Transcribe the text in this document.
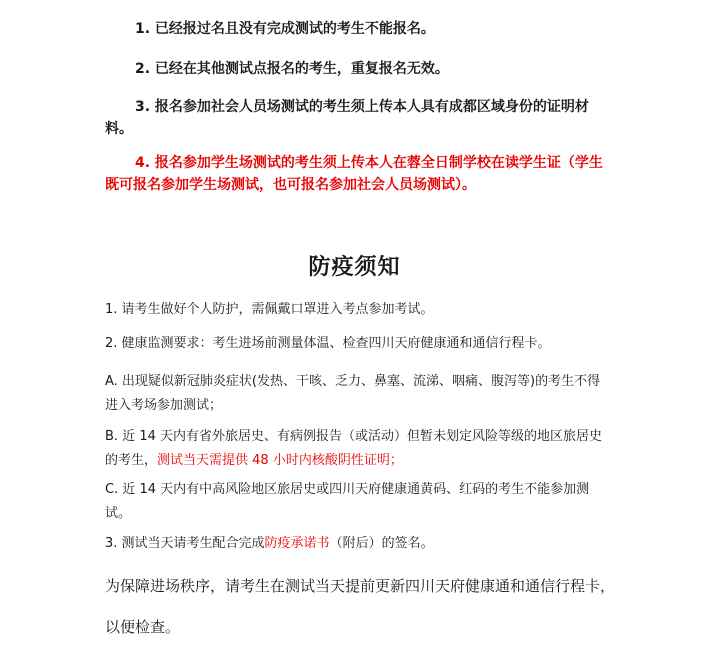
1. 已经报过名且没有完成测试的考生不能报名。

2. 已经在其他测试点报名的考生，重复报名无效。

3. 报名参加社会人员场测试的考生须上传本人具有成都区域身份的证明材料。

4. 报名参加学生场测试的考生须上传本人在蓉全日制学校在读学生证（学生既可报名参加学生场测试，也可报名参加社会人员场测试）。

防疫须知

1. 请考生做好个人防护，需佩戴口罩进入考点参加考试。

2. 健康监测要求：考生进场前测量体温、检查四川天府健康通和通信行程卡。

A. 出现疑似新冠肺炎症状(发热、干咳、乏力、鼻塞、流涕、咽痛、腹泻等)的考生不得进入考场参加测试；

B. 近 14 天内有省外旅居史、有病例报告（或活动）但暂未划定风险等级的地区旅居史的考生，测试当天需提供 48 小时内核酸阴性证明；

C. 近 14 天内有中高风险地区旅居史或四川天府健康通黄码、红码的考生不能参加测试。

3. 测试当天请考生配合完成防疫承诺书（附后）的签名。

为保障进场秩序，请考生在测试当天提前更新四川天府健康通和通信行程卡，以便检查。
